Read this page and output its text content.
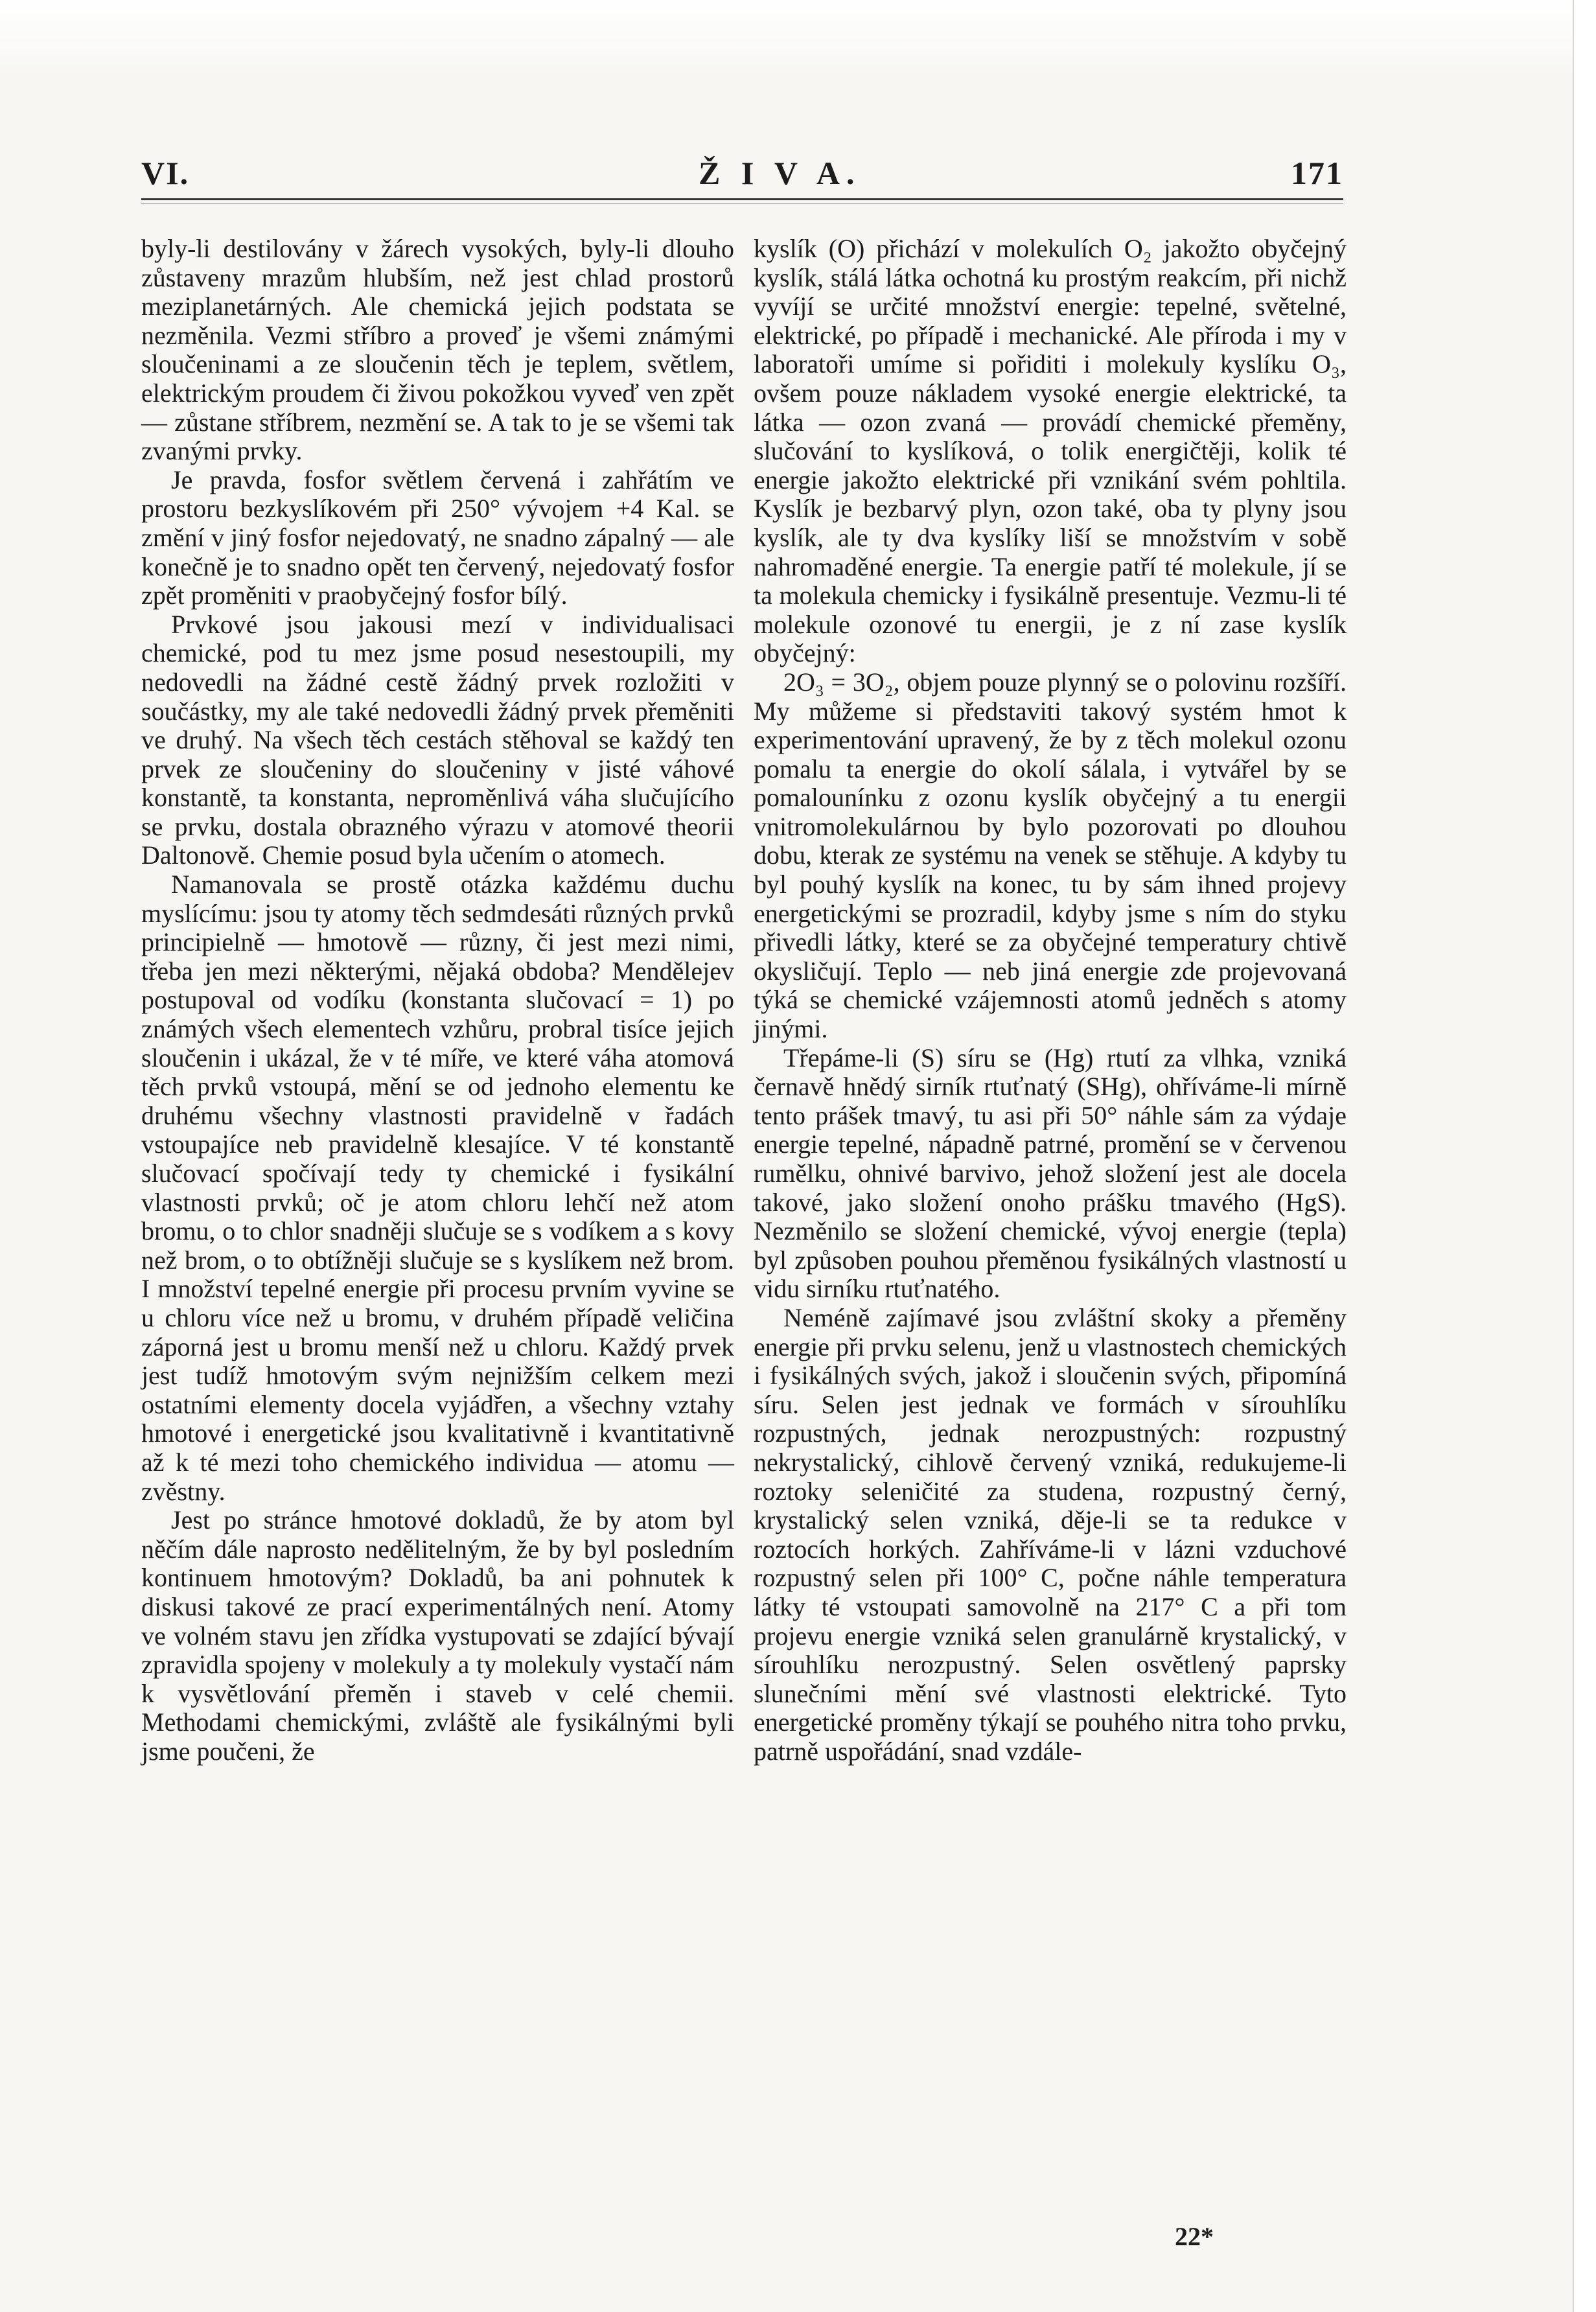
VI.	Ž I V A.	171

byly-li destilovány v žárech vysokých, byly-li dlouho zůstaveny mrazům hlubším, než jest chlad prostorů meziplanetárných. Ale chemická jejich podstata se nezměnila. Vezmi stříbro a proveď je všemi známými sloučeninami a ze sloučenin těch je teplem, světlem, elektrickým proudem či živou pokožkou vyveď ven zpět — zůstane stříbrem, nezmění se. A tak to je se všemi tak zvanými prvky.

Je pravda, fosfor světlem červená i zahřátím ve prostoru bezkyslíkovém při 250° vývojem +4 Kal. se změní v jiný fosfor nejedovatý, ne snadno zápalný — ale konečně je to snadno opět ten červený, nejedovatý fosfor zpět proměniti v praobyčejný fosfor bílý.

Prvkové jsou jakousi mezí v individualisaci chemické, pod tu mez jsme posud nesestoupili, my nedovedli na žádné cestě žádný prvek rozložiti v součástky, my ale také nedovedli žádný prvek přeměniti ve druhý. Na všech těch cestách stěhoval se každý ten prvek ze sloučeniny do sloučeniny v jisté váhové konstantě, ta konstanta, neproměnlivá váha slučujícího se prvku, dostala obrazného výrazu v atomové theorii Daltonově. Chemie posud byla učením o atomech.

Namanovala se prostě otázka každému duchu myslícímu: jsou ty atomy těch sedmdesáti různých prvků principielně — hmotově — různy, či jest mezi nimi, třeba jen mezi některými, nějaká obdoba? Mendělejev postupoval od vodíku (konstanta slučovací = 1) po známých všech elementech vzhůru, probral tisíce jejich sloučenin i ukázal, že v té míře, ve které váha atomová těch prvků vstoupá, mění se od jednoho elementu ke druhému všechny vlastnosti pravidelně v řadách vstoupajíce neb pravidelně klesajíce. V té konstantě slučovací spočívají tedy ty chemické i fysikální vlastnosti prvků; oč je atom chloru lehčí než atom bromu, o to chlor snadněji slučuje se s vodíkem a s kovy než brom, o to obtížněji slučuje se s kyslíkem než brom. I množství tepelné energie při procesu prvním vyvine se u chloru více než u bromu, v druhém případě veličina záporná jest u bromu menší než u chloru. Každý prvek jest tudíž hmotovým svým nejnižším celkem mezi ostatními elementy docela vyjádřen, a všechny vztahy hmotové i energetické jsou kvalitativně i kvantitativně až k té mezi toho chemického individua — atomu — zvěstny.

Jest po stránce hmotové dokladů, že by atom byl něčím dále naprosto nedělitelným, že by byl posledním kontinuem hmotovým? Dokladů, ba ani pohnutek k diskusi takové ze prací experimentálných není. Atomy ve volném stavu jen zřídka vystupovati se zdající bývají zpravidla spojeny v molekuly a ty molekuly vystačí nám k vysvětlování přeměn i staveb v celé chemii. Methodami chemickými, zvláště ale fysikálnými byli jsme poučeni, že

kyslík (O) přichází v molekulích O₂ jakožto obyčejný kyslík, stálá látka ochotná ku prostým reakcím, při nichž vyvíjí se určité množství energie: tepelné, světelné, elektrické, po případě i mechanické. Ale příroda i my v laboratoři umíme si pořiditi i molekuly kyslíku O₃, ovšem pouze nákladem vysoké energie elektrické, ta látka — ozon zvaná — provádí chemické přeměny, slučování to kyslíková, o tolik energičtěji, kolik té energie jakožto elektrické při vznikání svém pohltila. Kyslík je bezbarvý plyn, ozon také, oba ty plyny jsou kyslík, ale ty dva kyslíky liší se množstvím v sobě nahromaděné energie. Ta energie patří té molekule, jí se ta molekula chemicky i fysikálně presentuje. Vezmu-li té molekule ozonové tu energii, je z ní zase kyslík obyčejný:

2O₃ = 3O₂, objem pouze plynný se o polovinu rozšíří. My můžeme si představiti takový systém hmot k experimentování upravený, že by z těch molekul ozonu pomalu ta energie do okolí sálala, i vytvářel by se pomalounínku z ozonu kyslík obyčejný a tu energii vnitromolekulárnou by bylo pozorovati po dlouhou dobu, kterak ze systému na venek se stěhuje. A kdyby tu byl pouhý kyslík na konec, tu by sám ihned projevy energetickými se prozradil, kdyby jsme s ním do styku přivedli látky, které se za obyčejné temperatury chtivě okysličují. Teplo — neb jiná energie zde projevovaná týká se chemické vzájemnosti atomů jedněch s atomy jinými.

Třepáme-li (S) síru se (Hg) rtutí za vlhka, vzniká černavě hnědý sirník rtuťnatý (SHg), ohříváme-li mírně tento prášek tmavý, tu asi při 50° náhle sám za výdaje energie tepelné, nápadně patrné, promění se v červenou rumělku, ohnivé barvivo, jehož složení jest ale docela takové, jako složení onoho prášku tmavého (HgS). Nezměnilo se složení chemické, vývoj energie (tepla) byl způsoben pouhou přeměnou fysikálných vlastností u vidu sirníku rtuťnatého.

Neméně zajímavé jsou zvláštní skoky a přeměny energie při prvku selenu, jenž u vlastnostech chemických i fysikálných svých, jakož i sloučenin svých, připomíná síru. Selen jest jednak ve formách v sírouhlíku rozpustných, jednak nerozpustných: rozpustný nekrystalický, cihlově červený vzniká, redukujeme-li roztoky seleničité za studena, rozpustný černý, krystalický selen vzniká, děje-li se ta redukce v roztocích horkých. Zahříváme-li v lázni vzduchové rozpustný selen při 100° C, počne náhle temperatura látky té vstoupati samovolně na 217° C a při tom projevu energie vzniká selen granulárně krystalický, v sírouhlíku nerozpustný. Selen osvětlený paprsky slunečními mění své vlastnosti elektrické. Tyto energetické proměny týkají se pouhého nitra toho prvku, patrně uspořádání, snad vzdále-

22*
